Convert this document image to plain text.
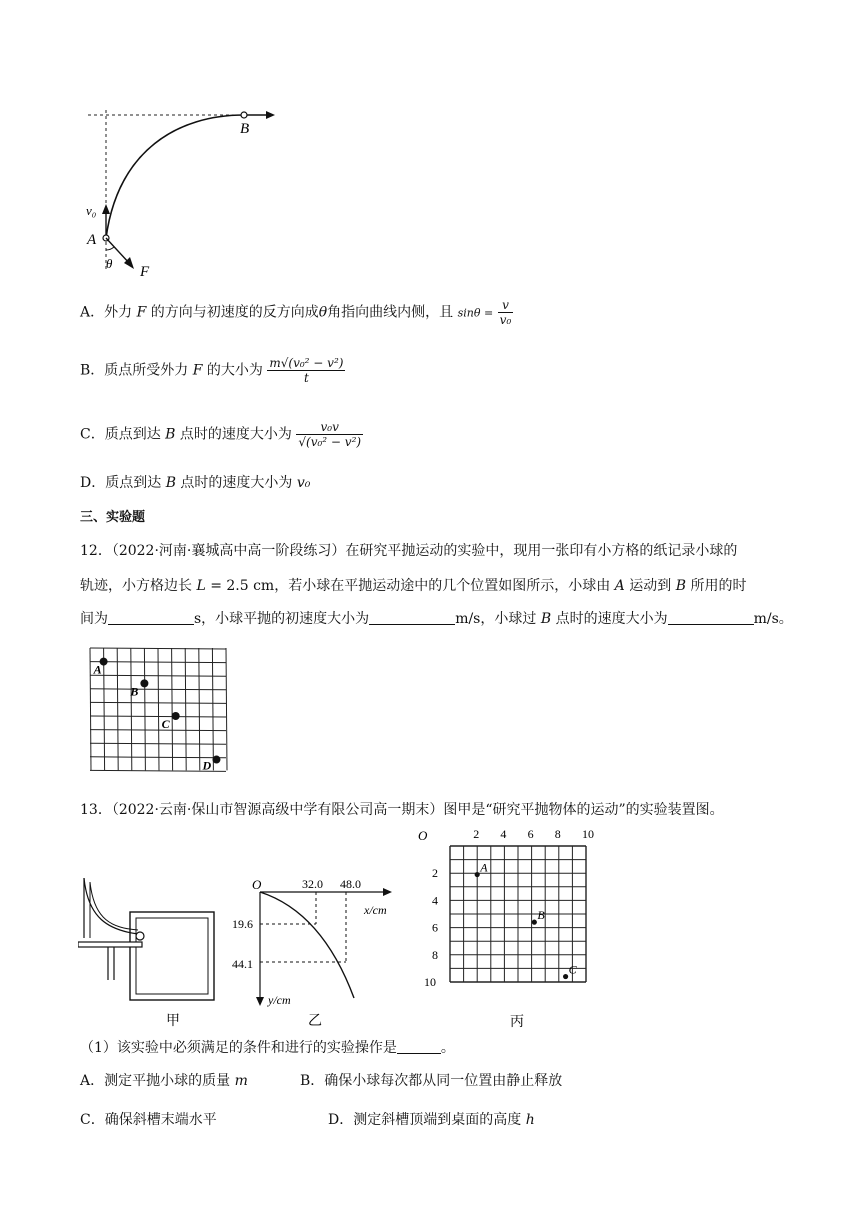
B
v₀
A
θ
F
A．外力 F 的方向与初速度的反方向成θ角指向曲线内侧，且 $\sin\theta = \frac{v}{\text{v₀}}$
B．质点所受外力 F 的大小为 $\frac{\text{m√(v₀² − v²)}}{t}$
C．质点到达 B 点时的速度大小为 $\frac{\text{v₀v}}{\text{√(v₀² − v²)}}$
D．质点到达 B 点时的速度大小为 v₀
三、实验题
12．（2022·河南·襄城高中高一阶段练习）在研究平抛运动的实验中，现用一张印有小方格的纸记录小球的
轨迹，小方格边长 L = 2.5 cm，若小球在平抛运动途中的几个位置如图所示，小球由 A 运动到 B 所用的时
间为	s，小球平抛的初速度大小为	m/s，小球过 B 点时的速度大小为	m/s。
A
B
C
D
13．（2022·云南·保山市智源高级中学有限公司高一期末）图甲是“研究平抛物体的运动”的实验装置图。
甲
O	32.0 48.0
x/cm
19.6
44.1
y/cm
乙
O	2 4 6 8 10
2
4
6
8
10
A
B
C
丙
（1）该实验中必须满足的条件和进行的实验操作是	。
A．测定平抛小球的质量 m	B．确保小球每次都从同一位置由静止释放
C．确保斜槽末端水平	D．测定斜槽顶端到桌面的高度 h
